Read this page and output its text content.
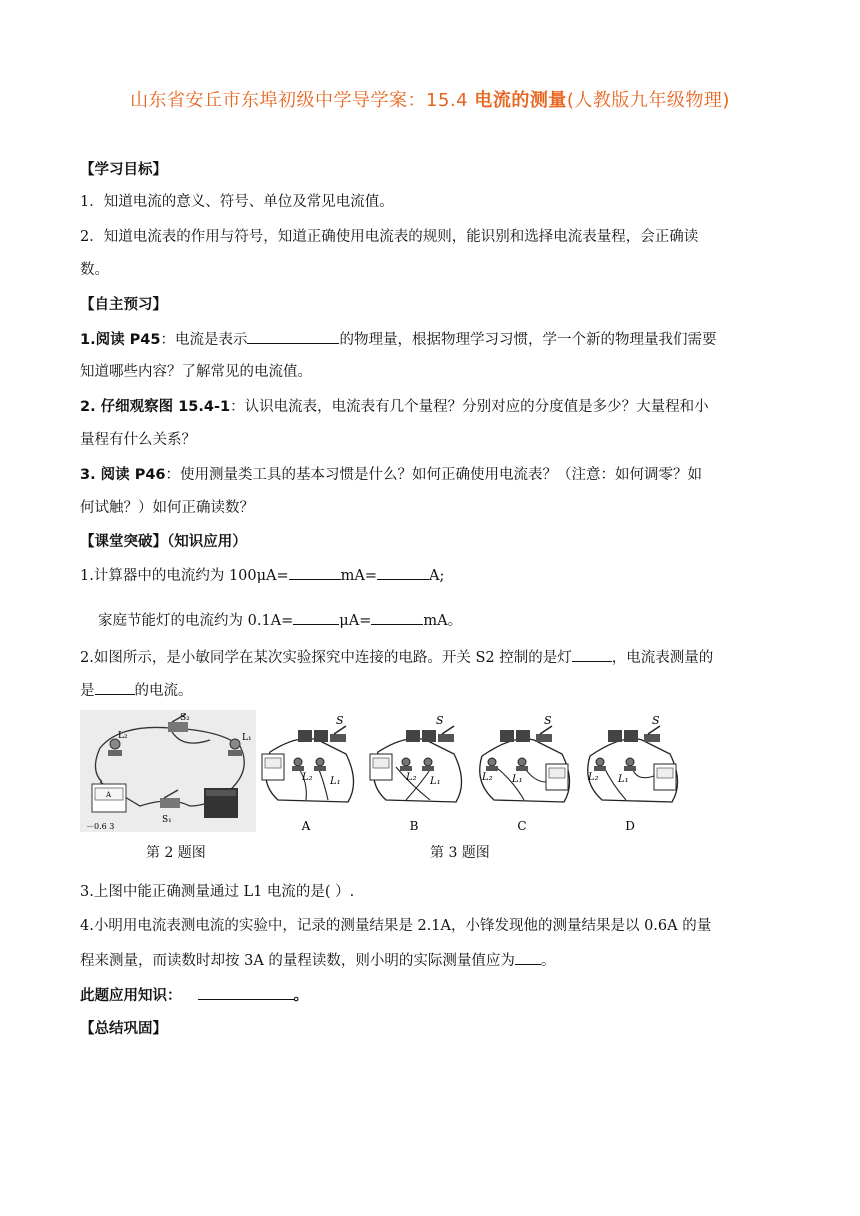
山东省安丘市东埠初级中学导学案：15.4 电流的测量(人教版九年级物理)
【学习目标】
1．知道电流的意义、符号、单位及常见电流值。
2．知道电流表的作用与符号，知道正确使用电流表的规则，能识别和选择电流表量程，会正确读
数。
【自主预习】
1.阅读 P45：电流是表示	的物理量，根据物理学习习惯，学一个新的物理量我们需要
知道哪些内容？了解常见的电流值。
2. 仔细观察图 15.4-1：认识电流表，电流表有几个量程？分别对应的分度值是多少？大量程和小
量程有什么关系？
3. 阅读 P46：使用测量类工具的基本习惯是什么？如何正确使用电流表？（注意：如何调零？如
何试触？）如何正确读数？
【课堂突破】（知识应用）
1.计算器中的电流约为 100μA=	mA=	A;
家庭节能灯的电流约为 0.1A=	μA=	mA。
2.如图所示，是小敏同学在某次实验探究中连接的电路。开关 S2 控制的是灯	，电流表测量的
是	的电流。
S₂
L₂	L₁
S₁
A
－0.6 3
S
L₂ L₁
S
L₂ L₁
S
L₂ L₁
S
L₂ L₁
A	B	C	D
第 2 题图	第 3 题图
3.上图中能正确测量通过 L1 电流的是( ）.
4.小明用电流表测电流的实验中，记录的测量结果是 2.1A，小锋发现他的测量结果是以 0.6A 的量
程来测量，而读数时却按 3A 的量程读数，则小明的实际测量值应为 。
此题应用知识：	。
【总结巩固】
